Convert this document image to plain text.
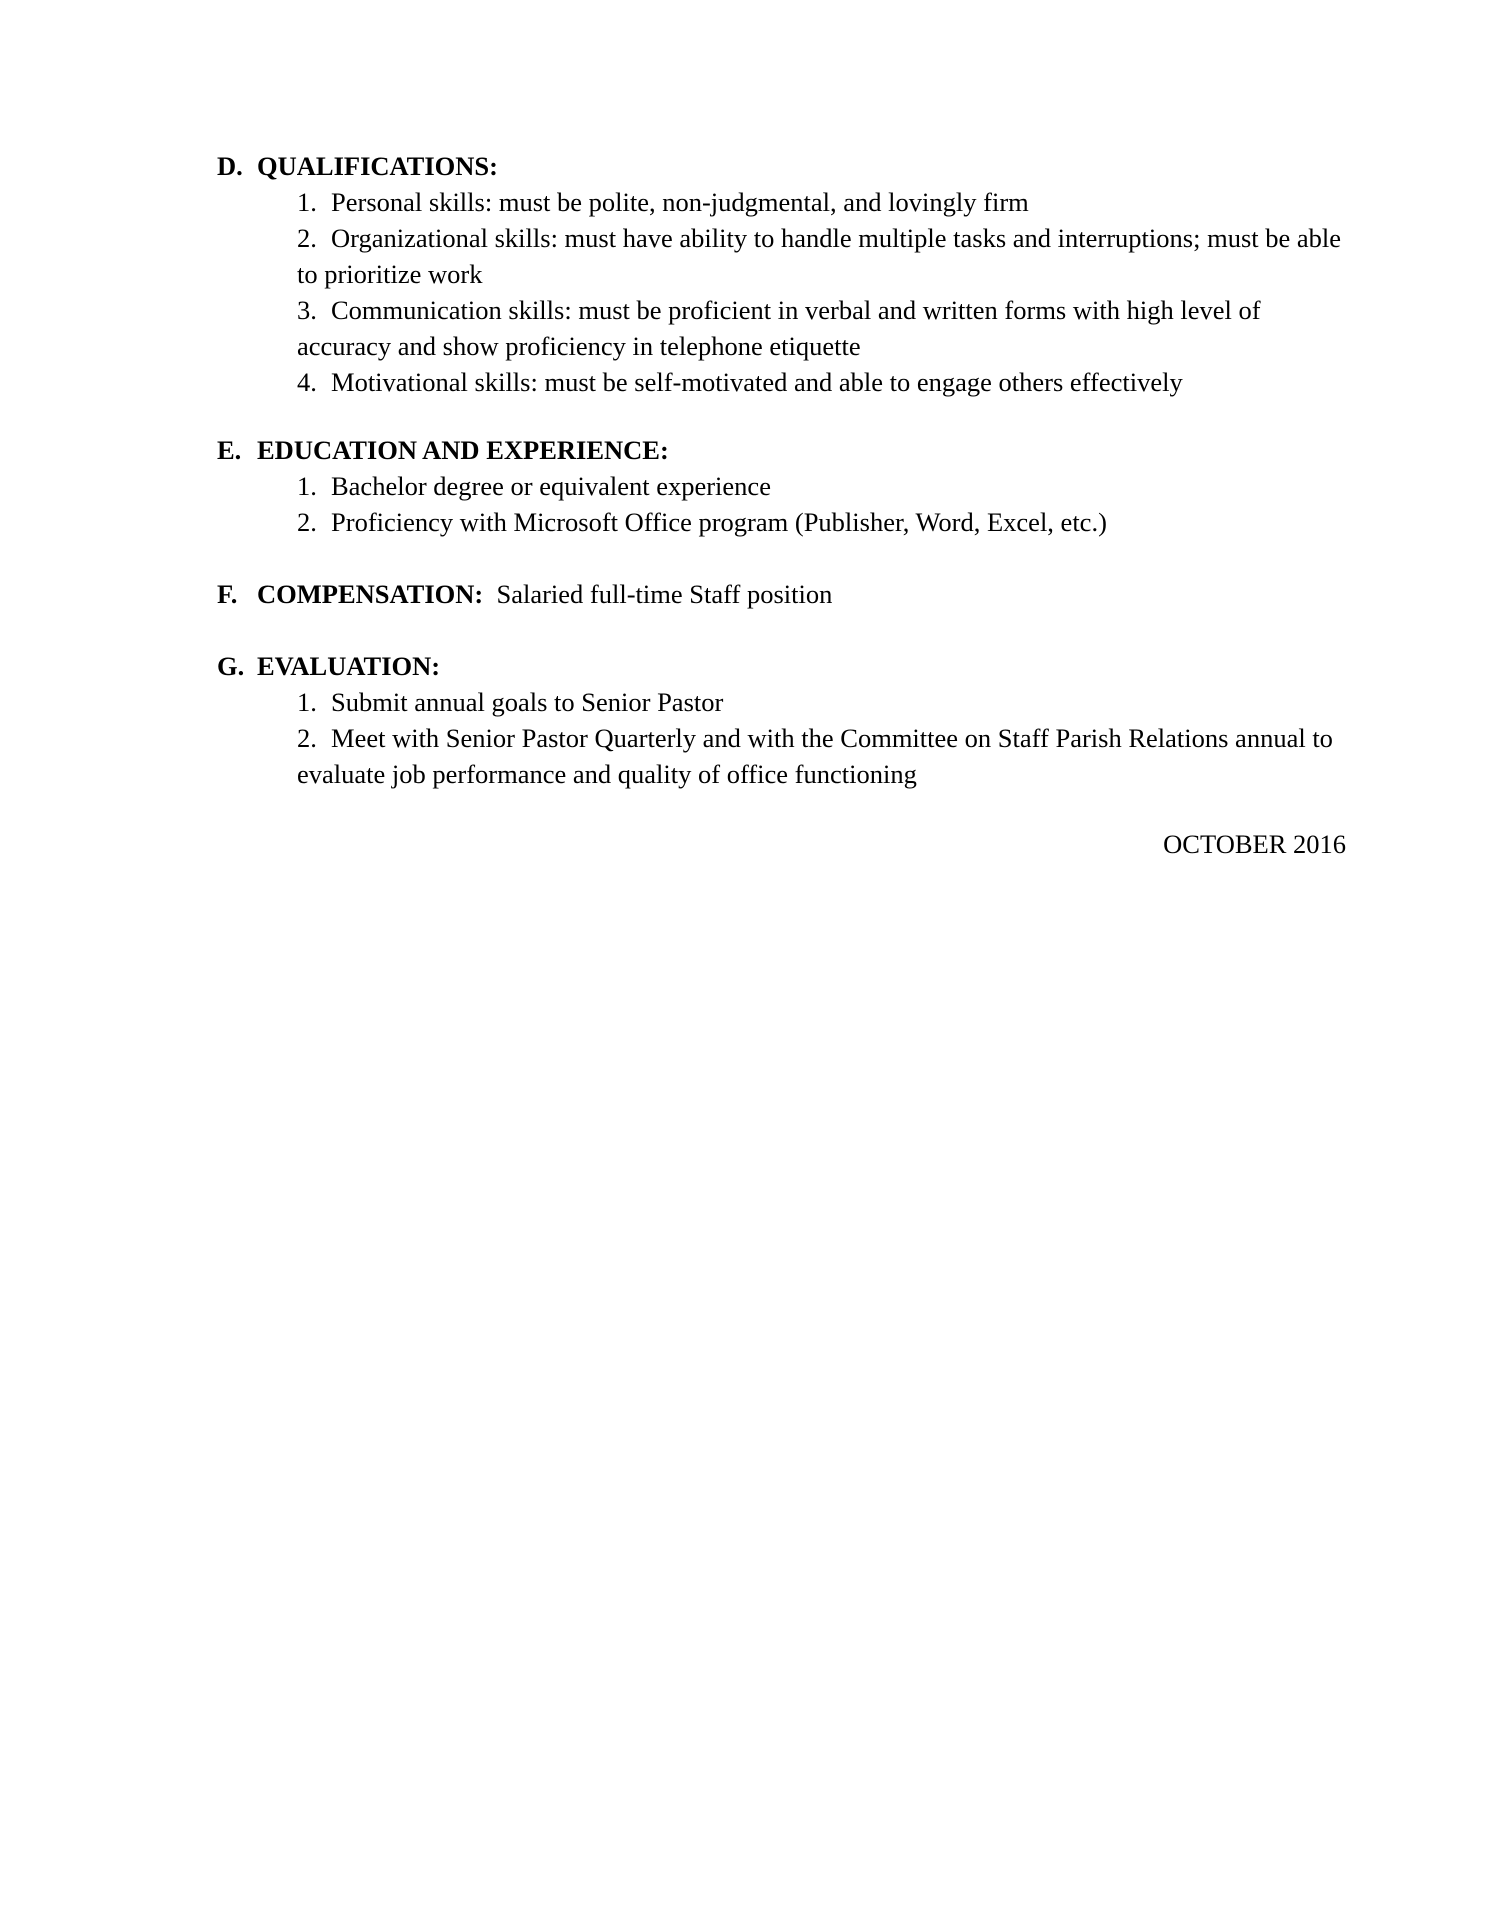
D. QUALIFICATIONS:
1. Personal skills: must be polite, non-judgmental, and lovingly firm
2. Organizational skills: must have ability to handle multiple tasks and interruptions; must be able to prioritize work
3. Communication skills: must be proficient in verbal and written forms with high level of accuracy and show proficiency in telephone etiquette
4. Motivational skills: must be self-motivated and able to engage others effectively
E. EDUCATION AND EXPERIENCE:
1. Bachelor degree or equivalent experience
2. Proficiency with Microsoft Office program (Publisher, Word, Excel, etc.)
F. COMPENSATION: Salaried full-time Staff position
G. EVALUATION:
1. Submit annual goals to Senior Pastor
2. Meet with Senior Pastor Quarterly and with the Committee on Staff Parish Relations annual to evaluate job performance and quality of office functioning
OCTOBER 2016
